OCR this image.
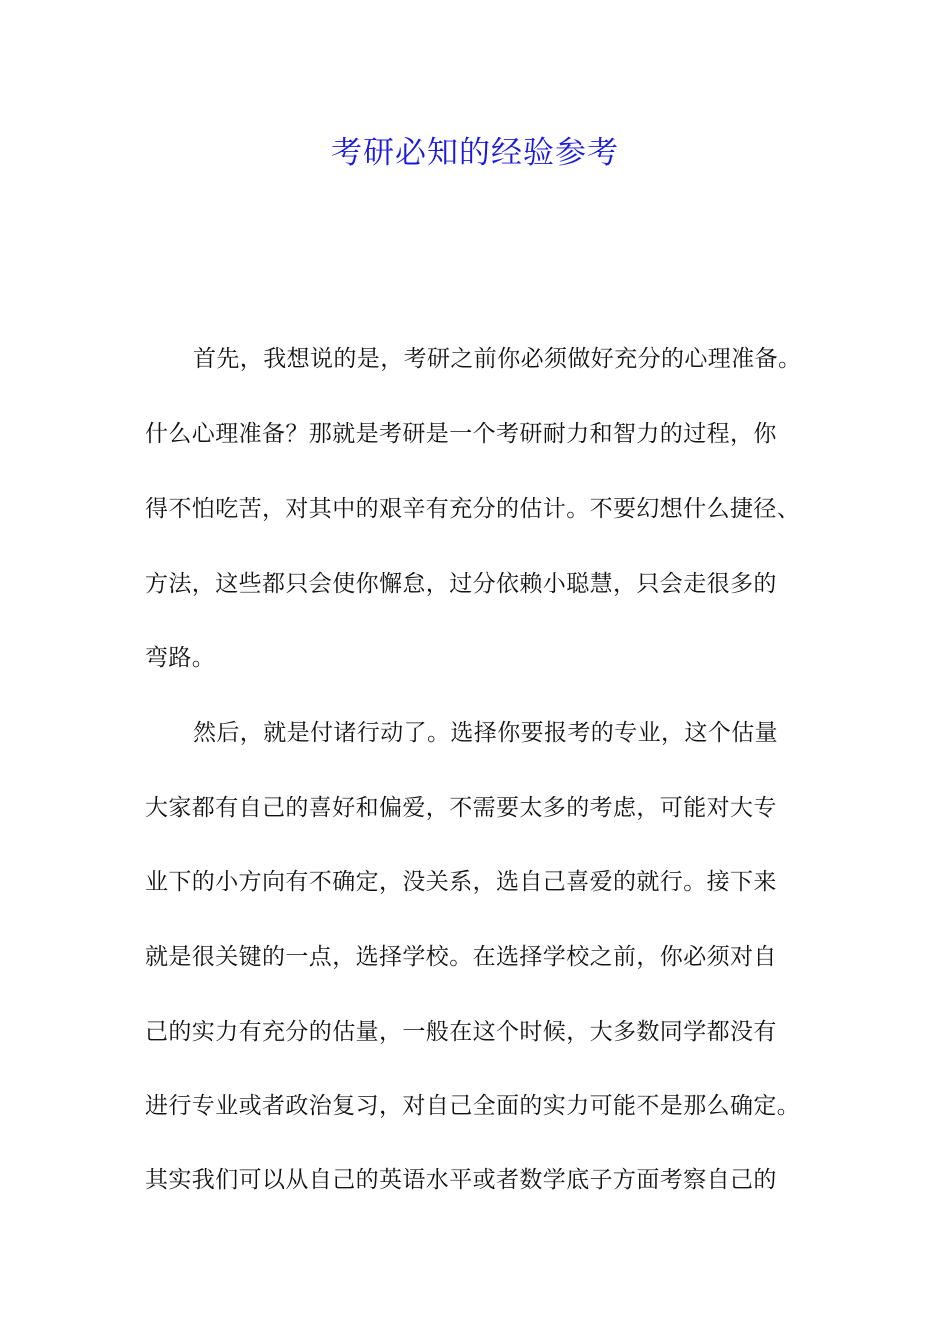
考研必知的经验参考
首先，我想说的是，考研之前你必须做好充分的心理准备。
什么心理准备？那就是考研是一个考研耐力和智力的过程，你
得不怕吃苦，对其中的艰辛有充分的估计。不要幻想什么捷径、
方法，这些都只会使你懈怠，过分依赖小聪慧，只会走很多的
弯路。
然后，就是付诸行动了。选择你要报考的专业，这个估量
大家都有自己的喜好和偏爱，不需要太多的考虑，可能对大专
业下的小方向有不确定，没关系，选自己喜爱的就行。接下来
就是很关键的一点，选择学校。在选择学校之前，你必须对自
己的实力有充分的估量，一般在这个时候，大多数同学都没有
进行专业或者政治复习，对自己全面的实力可能不是那么确定。
其实我们可以从自己的英语水平或者数学底子方面考察自己的
